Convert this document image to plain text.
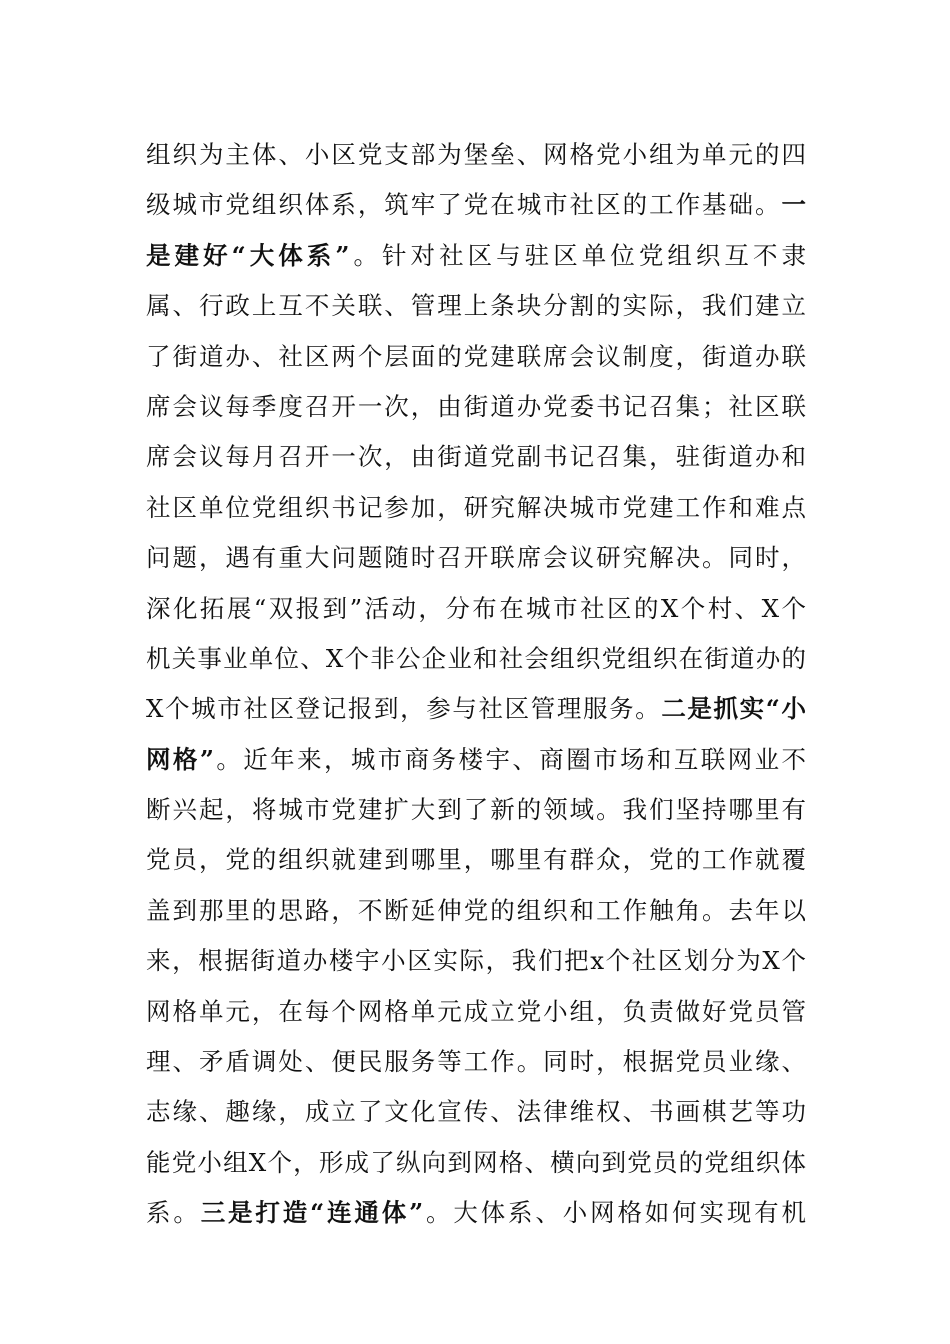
组织为主体、小区党支部为堡垒、网格党小组为单元的四
级城市党组织体系，筑牢了党在城市社区的工作基础。一
是建好“大体系”。针对社区与驻区单位党组织互不隶
属、行政上互不关联、管理上条块分割的实际，我们建立
了街道办、社区两个层面的党建联席会议制度，街道办联
席会议每季度召开一次，由街道办党委书记召集；社区联
席会议每月召开一次，由街道党副书记召集，驻街道办和
社区单位党组织书记参加，研究解决城市党建工作和难点
问题，遇有重大问题随时召开联席会议研究解决。同时，
深化拓展“双报到”活动，分布在城市社区的X个村、X个
机关事业单位、X个非公企业和社会组织党组织在街道办的
X个城市社区登记报到，参与社区管理服务。二是抓实“小
网格”。近年来，城市商务楼宇、商圈市场和互联网业不
断兴起，将城市党建扩大到了新的领域。我们坚持哪里有
党员，党的组织就建到哪里，哪里有群众，党的工作就覆
盖到那里的思路，不断延伸党的组织和工作触角。去年以
来，根据街道办楼宇小区实际，我们把x个社区划分为X个
网格单元，在每个网格单元成立党小组，负责做好党员管
理、矛盾调处、便民服务等工作。同时，根据党员业缘、
志缘、趣缘，成立了文化宣传、法律维权、书画棋艺等功
能党小组X个，形成了纵向到网格、横向到党员的党组织体
系。三是打造“连通体”。大体系、小网格如何实现有机
